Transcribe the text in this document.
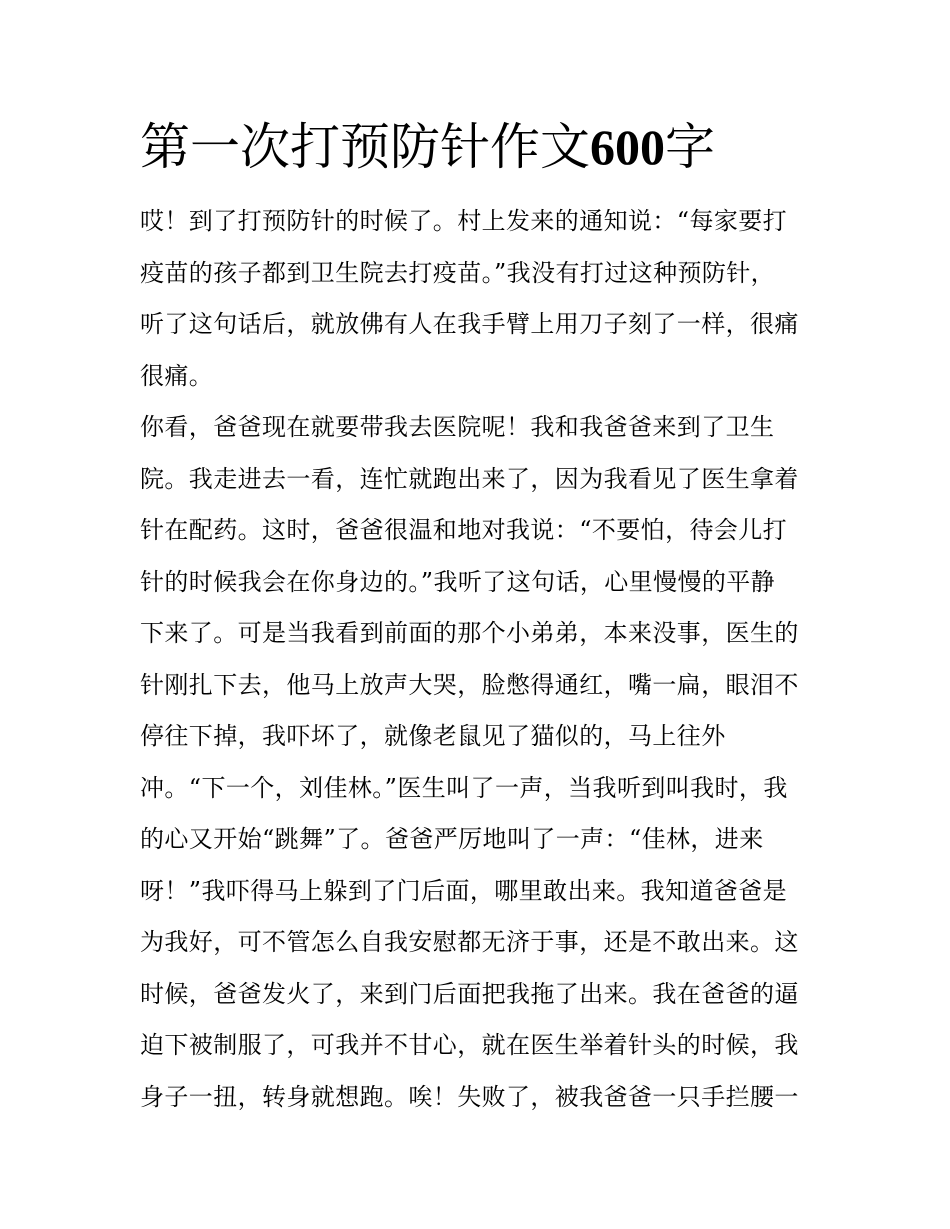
第一次打预防针作文600字
哎！到了打预防针的时候了。村上发来的通知说：“每家要打
疫苗的孩子都到卫生院去打疫苗。”我没有打过这种预防针，
听了这句话后，就放佛有人在我手臂上用刀子刻了一样，很痛
很痛。
你看，爸爸现在就要带我去医院呢！我和我爸爸来到了卫生
院。我走进去一看，连忙就跑出来了，因为我看见了医生拿着
针在配药。这时，爸爸很温和地对我说：“不要怕，待会儿打
针的时候我会在你身边的。”我听了这句话，心里慢慢的平静
下来了。可是当我看到前面的那个小弟弟，本来没事，医生的
针刚扎下去，他马上放声大哭，脸憋得通红，嘴一扁，眼泪不
停往下掉，我吓坏了，就像老鼠见了猫似的，马上往外
冲。“下一个，刘佳林。”医生叫了一声，当我听到叫我时，我
的心又开始“跳舞”了。爸爸严厉地叫了一声：“佳林，进来
呀！”我吓得马上躲到了门后面，哪里敢出来。我知道爸爸是
为我好，可不管怎么自我安慰都无济于事，还是不敢出来。这
时候，爸爸发火了，来到门后面把我拖了出来。我在爸爸的逼
迫下被制服了，可我并不甘心，就在医生举着针头的时候，我
身子一扭，转身就想跑。唉！失败了，被我爸爸一只手拦腰一
